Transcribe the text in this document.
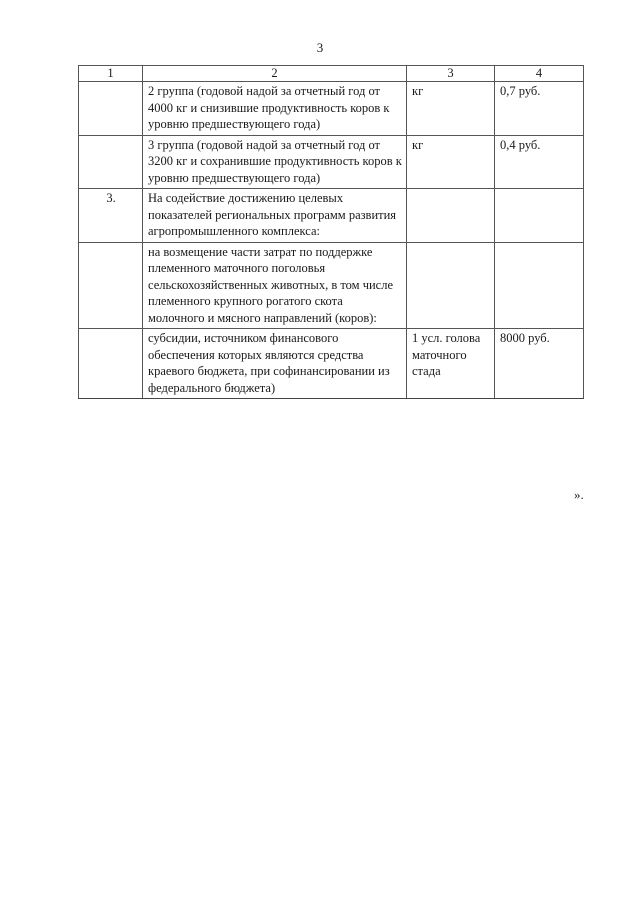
3
1	2	3	4
	2 группа (годовой надой за отчетный год от 4000 кг и снизившие продуктивность коров к уровню предшествующего года)	кг	0,7 руб.
	3 группа (годовой надой за отчетный год от 3200 кг и сохранившие продуктивность коров к уровню предшествующего года)	кг	0,4 руб.
3.	На содействие достижению целевых показателей региональных программ развития агропромышленного комплекса:		
	на возмещение части затрат по поддержке племенного маточного поголовья сельскохозяйственных животных, в том числе племенного крупного рогатого скота молочного и мясного направлений (коров):		
	субсидии, источником финансового обеспечения которых являются средства краевого бюджета, при софинансировании из федерального бюджета)	1 усл. голова маточного стада	8000 руб.
».
